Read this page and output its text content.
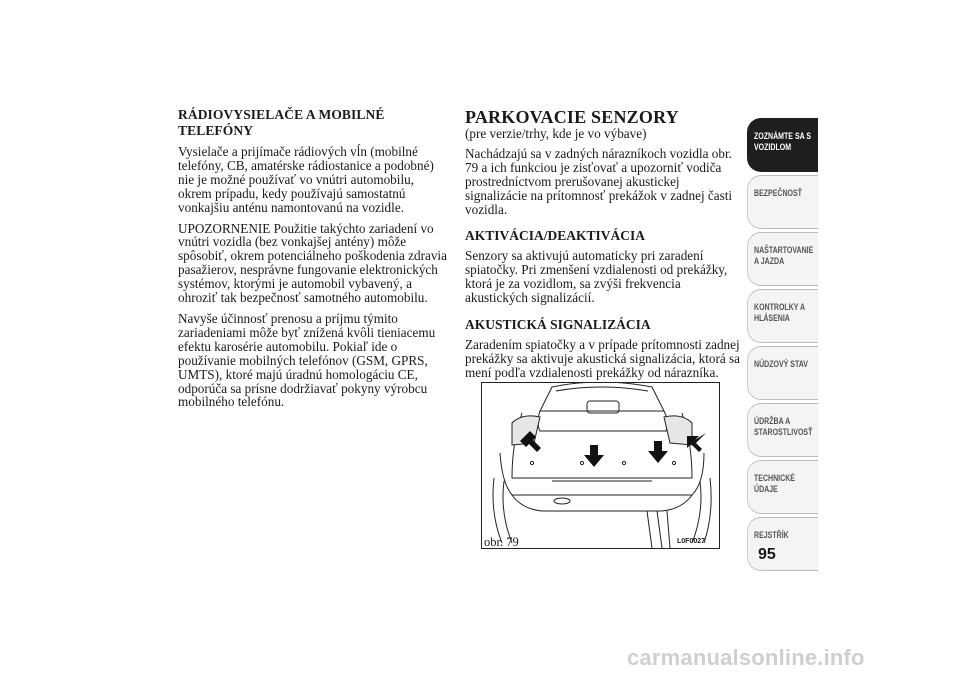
RÁDIOVYSIELAČE A MOBILNÉ TELEFÓNY

Vysielače a prijímače rádiových vĺn (mobilné telefóny, CB, amatérske rádiostanice a podobné) nie je možné používať vo vnútri automobilu, okrem prípadu, kedy používajú samostatnú vonkajšiu anténu namontovanú na vozidle.

UPOZORNENIE Použitie takýchto zariadení vo vnútri vozidla (bez vonkajšej antény) môže spôsobiť, okrem potenciálneho poškodenia zdravia pasažierov, nesprávne fungovanie elektronických systémov, ktorými je automobil vybavený, a ohroziť tak bezpečnosť samotného automobilu.

Navyše účinnosť prenosu a príjmu týmito zariadeniami môže byť znížená kvôli tieniacemu efektu karosérie automobilu. Pokiaľ ide o používanie mobilných telefónov (GSM, GPRS, UMTS), ktoré majú úradnú homologáciu CE, odporúča sa prísne dodržiavať pokyny výrobcu mobilného telefónu.

PARKOVACIE SENZORY

(pre verzie/trhy, kde je vo výbave)

Nachádzajú sa v zadných nárazníkoch vozidla obr. 79 a ich funkciou je zisťovať a upozorniť vodiča prostredníctvom prerušovanej akustickej signalizácie na prítomnosť prekážok v zadnej časti vozidla.

AKTIVÁCIA/DEAKTIVÁCIA

Senzory sa aktivujú automaticky pri zaradení spiatočky. Pri zmenšení vzdialenosti od prekážky, ktorá je za vozidlom, sa zvýši frekvencia akustických signalizácií.

AKUSTICKÁ SIGNALIZÁCIA

Zaradením spiatočky a v prípade prítomnosti zadnej prekážky sa aktivuje akustická signalizácia, ktorá sa mení podľa vzdialenosti prekážky od nárazníka.

obr. 79	L0F0027
ZOZNÁMTE SA S
VOZIDLOM
BEZPEČNOSŤ
NAŠTARTOVANIE
A JAZDA
KONTROLKY A
HLÁSENIA
NÚDZOVÝ STAV
ÚDRŽBA A
STAROSTLIVOSŤ
TECHNICKÉ
ÚDAJE
REJSTŘÍK
95
carmanualsonline.info
